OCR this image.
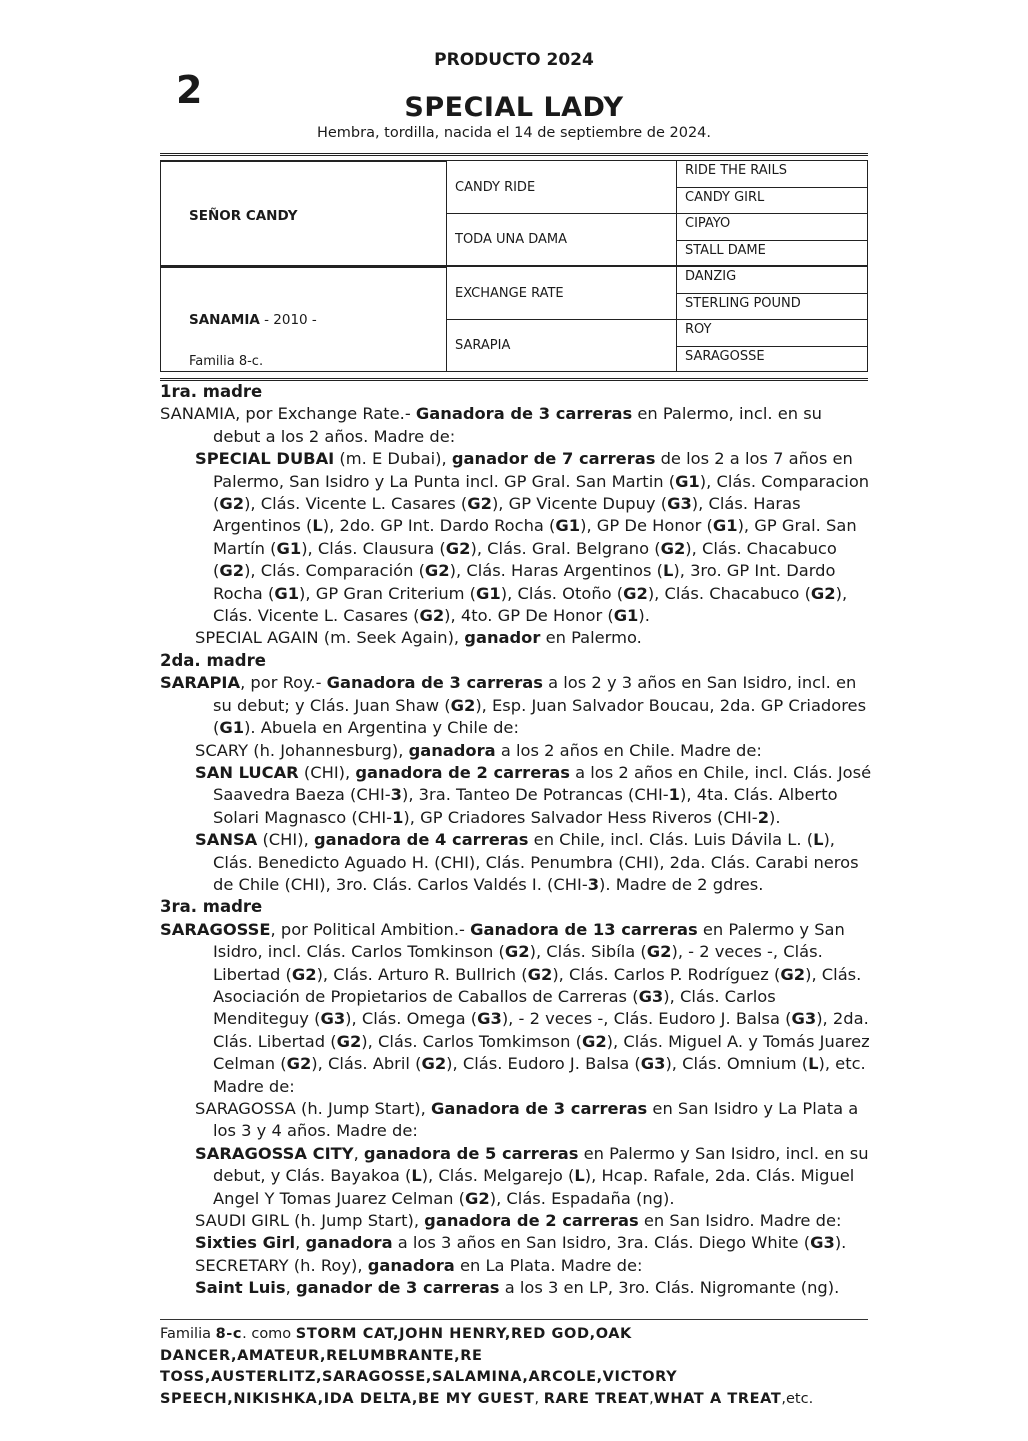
PRODUCTO 2024
2	SPECIAL LADY
Hembra, tordilla, nacida el 14 de septiembre de 2024.
SEÑOR CANDY
SANAMIA - 2010 -
Familia 8-c.
CANDY RIDE
TODA UNA DAMA
EXCHANGE RATE
SARAPIA
RIDE THE RAILS
CANDY GIRL
CIPAYO
STALL DAME
DANZIG
STERLING POUND
ROY
SARAGOSSE
1ra. madre
SANAMIA, por Exchange Rate.- Ganadora de 3 carreras en Palermo, incl. en su debut a los 2 años. Madre de:
SPECIAL DUBAI (m. E Dubai), ganador de 7 carreras de los 2 a los 7 años en Palermo, San Isidro y La Punta incl. GP Gral. San Martin (G1), Clás. Comparacion (G2), Clás. Vicente L. Casares (G2), GP Vicente Dupuy (G3), Clás. Haras Argentinos (L), 2do. GP Int. Dardo Rocha (G1), GP De Honor (G1), GP Gral. San Martín (G1), Clás. Clausura (G2), Clás. Gral. Belgrano (G2), Clás. Chacabuco (G2), Clás. Comparación (G2), Clás. Haras Argentinos (L), 3ro. GP Int. Dardo Rocha (G1), GP Gran Criterium (G1), Clás. Otoño (G2), Clás. Chacabuco (G2), Clás. Vicente L. Casares (G2), 4to. GP De Honor (G1).
SPECIAL AGAIN (m. Seek Again), ganador en Palermo.
2da. madre
SARAPIA, por Roy.- Ganadora de 3 carreras a los 2 y 3 años en San Isidro, incl. en su debut; y Clás. Juan Shaw (G2), Esp. Juan Salvador Boucau, 2da. GP Criadores (G1). Abuela en Argentina y Chile de:
SCARY (h. Johannesburg), ganadora a los 2 años en Chile. Madre de:
SAN LUCAR (CHI), ganadora de 2 carreras a los 2 años en Chile, incl. Clás. José Saavedra Baeza (CHI-3), 3ra. Tanteo De Potrancas (CHI-1), 4ta. Clás. Alberto Solari Magnasco (CHI-1), GP Criadores Salvador Hess Riveros (CHI-2).
SANSA (CHI), ganadora de 4 carreras en Chile, incl. Clás. Luis Dávila L. (L), Clás. Benedicto Aguado H. (CHI), Clás. Penumbra (CHI), 2da. Clás. Carabi neros de Chile (CHI), 3ro. Clás. Carlos Valdés I. (CHI-3). Madre de 2 gdres.
3ra. madre
SARAGOSSE, por Political Ambition.- Ganadora de 13 carreras en Palermo y San Isidro, incl. Clás. Carlos Tomkinson (G2), Clás. Sibíla (G2), - 2 veces -, Clás. Libertad (G2), Clás. Arturo R. Bullrich (G2), Clás. Carlos P. Rodríguez (G2), Clás. Asociación de Propietarios de Caballos de Carreras (G3), Clás. Carlos Menditeguy (G3), Clás. Omega (G3), - 2 veces -, Clás. Eudoro J. Balsa (G3), 2da. Clás. Libertad (G2), Clás. Carlos Tomkimson (G2), Clás. Miguel A. y Tomás Juarez Celman (G2), Clás. Abril (G2), Clás. Eudoro J. Balsa (G3), Clás. Omnium (L), etc. Madre de:
SARAGOSSA (h. Jump Start), Ganadora de 3 carreras en San Isidro y La Plata a los 3 y 4 años. Madre de:
SARAGOSSA CITY, ganadora de 5 carreras en Palermo y San Isidro, incl. en su debut, y Clás. Bayakoa (L), Clás. Melgarejo (L), Hcap. Rafale, 2da. Clás. Miguel Angel Y Tomas Juarez Celman (G2), Clás. Espadaña (ng).
SAUDI GIRL (h. Jump Start), ganadora de 2 carreras en San Isidro. Madre de:
Sixties Girl, ganadora a los 3 años en San Isidro, 3ra. Clás. Diego White (G3).
SECRETARY (h. Roy), ganadora en La Plata. Madre de:
Saint Luis, ganador de 3 carreras a los 3 en LP, 3ro. Clás. Nigromante (ng).
Familia 8-c. como STORM CAT,JOHN HENRY,RED GOD,OAK DANCER,AMATEUR,RELUMBRANTE,RE TOSS,AUSTERLITZ,SARAGOSSE,SALAMINA,ARCOLE,VICTORY SPEECH,NIKISHKA,IDA DELTA,BE MY GUEST, RARE TREAT,WHAT A TREAT,etc.
